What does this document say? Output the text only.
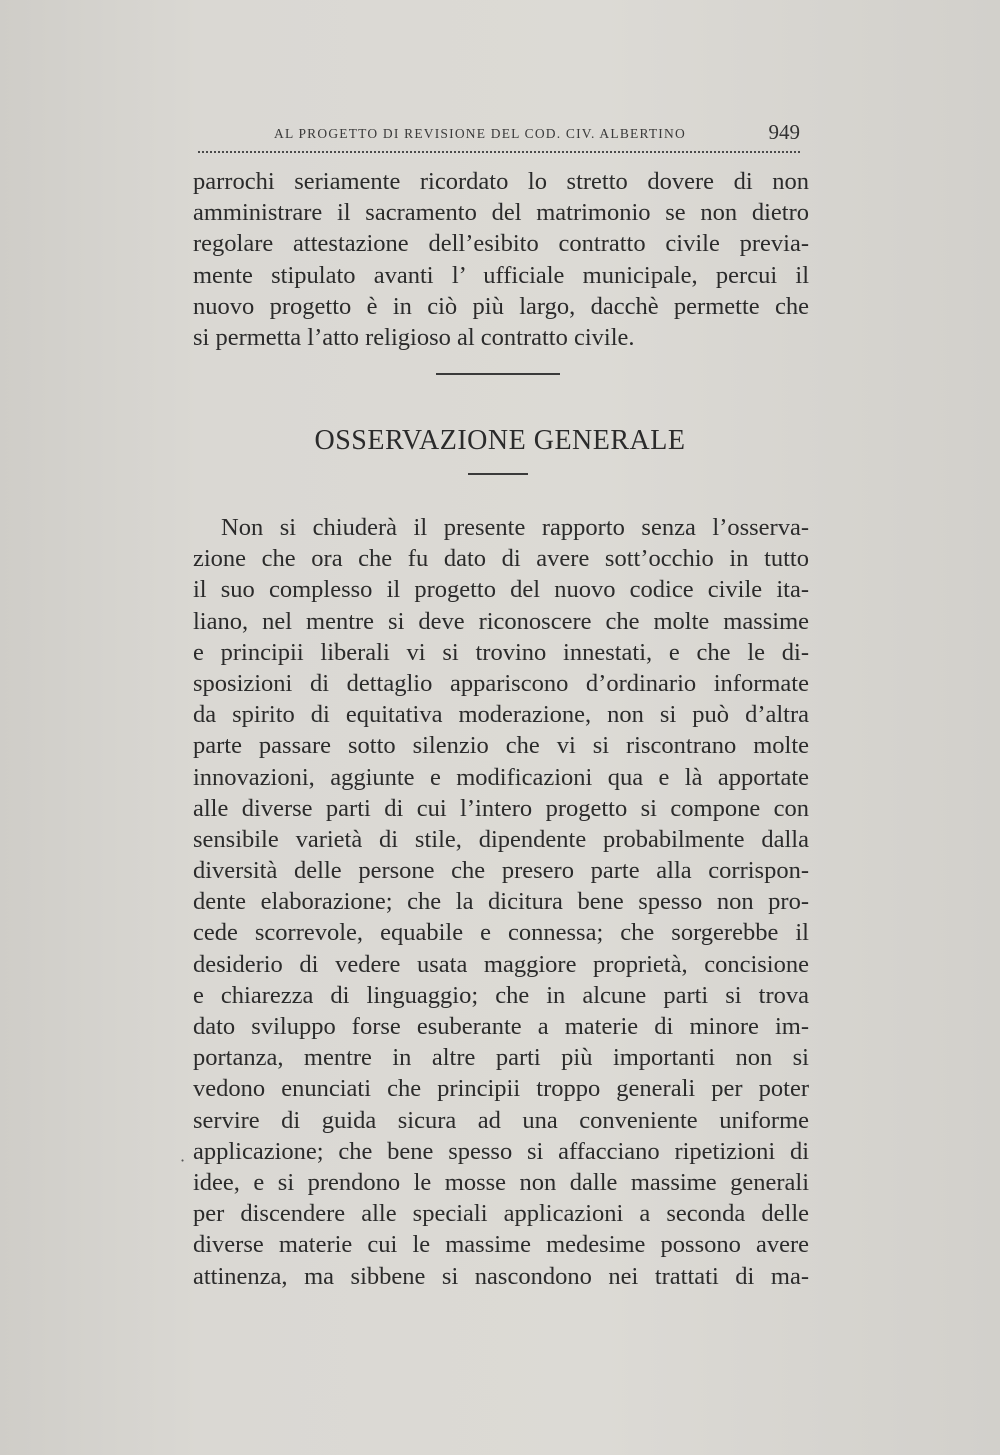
AL PROGETTO DI REVISIONE DEL COD. CIV. ALBERTINO	949
parrochi seriamente ricordato lo stretto dovere di non
amministrare il sacramento del matrimonio se non dietro
regolare attestazione dell’esibito contratto civile previa-
mente stipulato avanti l’ ufficiale municipale, percui il
nuovo progetto è in ciò più largo, dacchè permette che
si permetta l’atto religioso al contratto civile.
OSSERVAZIONE GENERALE
Non si chiuderà il presente rapporto senza l’osserva-
zione che ora che fu dato di avere sott’occhio in tutto
il suo complesso il progetto del nuovo codice civile ita-
liano, nel mentre si deve riconoscere che molte massime
e principii liberali vi si trovino innestati, e che le di-
sposizioni di dettaglio appariscono d’ordinario informate
da spirito di equitativa moderazione, non si può d’altra
parte passare sotto silenzio che vi si riscontrano molte
innovazioni, aggiunte e modificazioni qua e là apportate
alle diverse parti di cui l’intero progetto si compone con
sensibile varietà di stile, dipendente probabilmente dalla
diversità delle persone che presero parte alla corrispon-
dente elaborazione; che la dicitura bene spesso non pro-
cede scorrevole, equabile e connessa; che sorgerebbe il
desiderio di vedere usata maggiore proprietà, concisione
e chiarezza di linguaggio; che in alcune parti si trova
dato sviluppo forse esuberante a materie di minore im-
portanza, mentre in altre parti più importanti non si
vedono enunciati che principii troppo generali per poter
servire di guida sicura ad una conveniente uniforme
applicazione; che bene spesso si affacciano ripetizioni di
idee, e si prendono le mosse non dalle massime generali
per discendere alle speciali applicazioni a seconda delle
diverse materie cui le massime medesime possono avere
attinenza, ma sibbene si nascondono nei trattati di ma-
·
